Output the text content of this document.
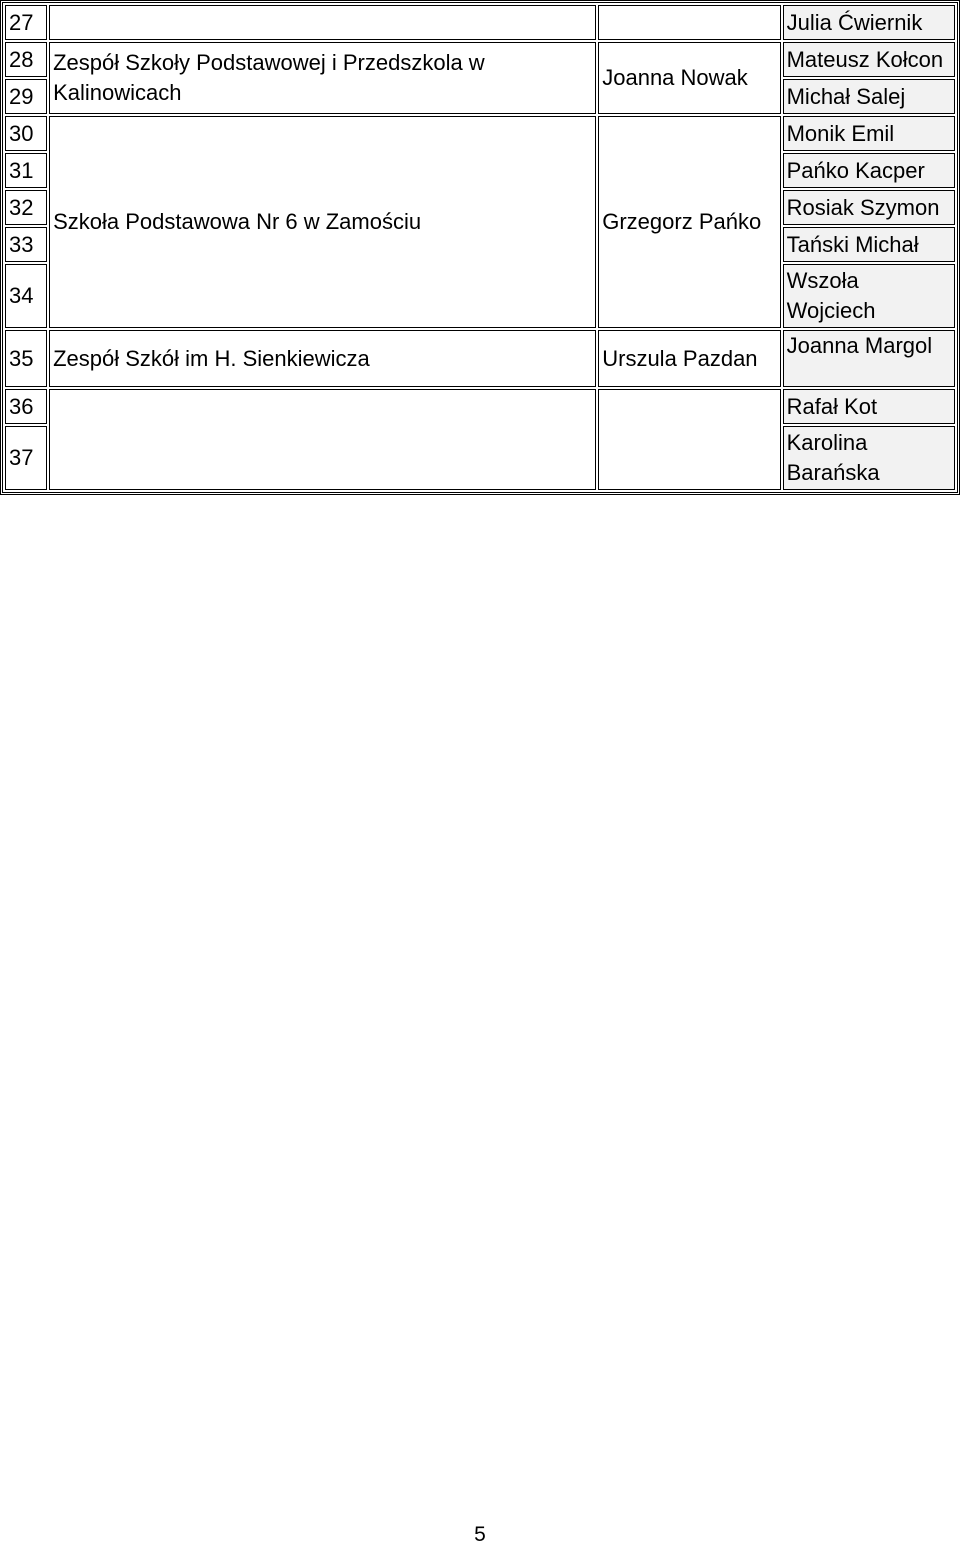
27			Julia Ćwiernik
28	Zespół Szkoły Podstawowej i Przedszkola w Kalinowicach	Joanna Nowak	Mateusz Kołcon
29			Michał Salej
30	Szkoła Podstawowa Nr 6 w Zamościu	Grzegorz Pańko	Monik Emil
31			Pańko Kacper
32			Rosiak Szymon
33			Tański Michał
34			Wszoła Wojciech
35	Zespół Szkół im H. Sienkiewicza	Urszula Pazdan	Joanna Margol
36			Rafał Kot
37			Karolina Barańska
5
